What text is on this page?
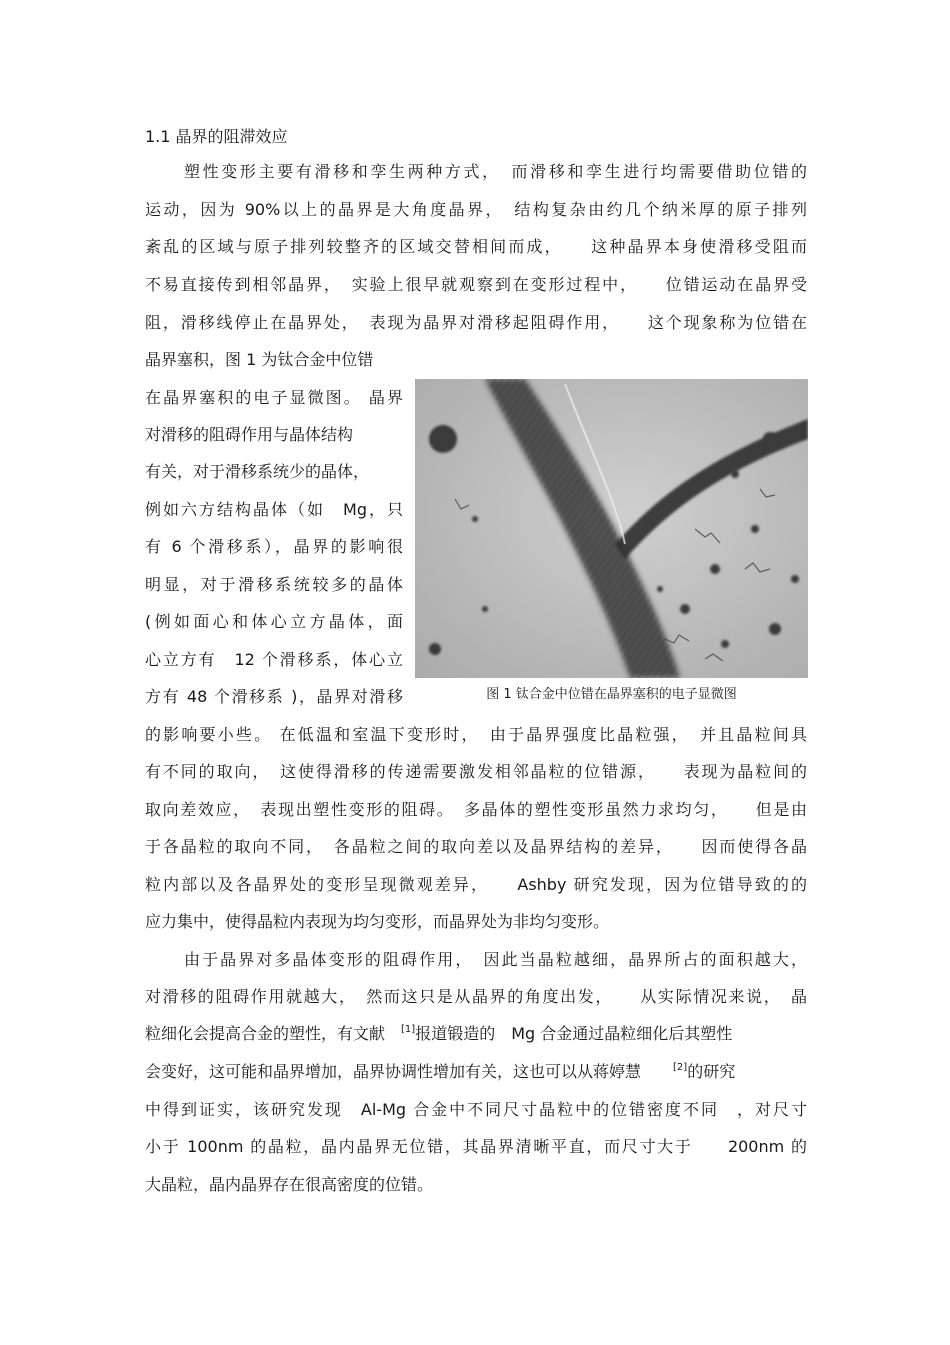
1.1 晶界的阻滞效应
塑性变形主要有滑移和孪生两种方式，　而滑移和孪生进行均需要借助位错的
运动，因为 90%以上的晶界是大角度晶界，　结构复杂由约几个纳米厚的原子排列
紊乱的区域与原子排列较整齐的区域交替相间而成，　　这种晶界本身使滑移受阻而
不易直接传到相邻晶界，　实验上很早就观察到在变形过程中，　　位错运动在晶界受
阻，滑移线停止在晶界处，　表现为晶界对滑移起阻碍作用，　　这个现象称为位错在
晶界塞积，图 1 为钛合金中位错
在晶界塞积的电子显微图。 晶界
对滑移的阻碍作用与晶体结构
有关，对于滑移系统少的晶体，
例如六方结构晶体（如　Mg，只
有 6 个滑移系），晶界的影响很
明显，对于滑移系统较多的晶体
(例如面心和体心立方晶体，面
心立方有　12 个滑移系，体心立
方有 48 个滑移系 )，晶界对滑移	图 1 钛合金中位错在晶界塞积的电子显微图
的影响要小些。 在低温和室温下变形时，　由于晶界强度比晶粒强，　并且晶粒间具
有不同的取向，　这使得滑移的传递需要激发相邻晶粒的位错源，　　表现为晶粒间的
取向差效应，　表现出塑性变形的阻碍。　多晶体的塑性变形虽然力求均匀，　　但是由
于各晶粒的取向不同，　各晶粒之间的取向差以及晶界结构的差异，　　因而使得各晶
粒内部以及各晶界处的变形呈现微观差异，　　Ashby 研究发现，因为位错导致的的
应力集中，使得晶粒内表现为均匀变形，而晶界处为非均匀变形。
由于晶界对多晶体变形的阻碍作用，　因此当晶粒越细，晶界所占的面积越大，
对滑移的阻碍作用就越大，　然而这只是从晶界的角度出发，　　从实际情况来说，　晶
粒细化会提高合金的塑性，有文献　[1]报道锻造的　Mg 合金通过晶粒细化后其塑性
会变好，这可能和晶界增加，晶界协调性增加有关，这也可以从蒋婷慧　　[2]的研究
中得到证实，该研究发现　Al-Mg 合金中不同尺寸晶粒中的位错密度不同　，对尺寸
小于 100nm 的晶粒，晶内晶界无位错，其晶界清晰平直，而尺寸大于　　200nm 的
大晶粒，晶内晶界存在很高密度的位错。
